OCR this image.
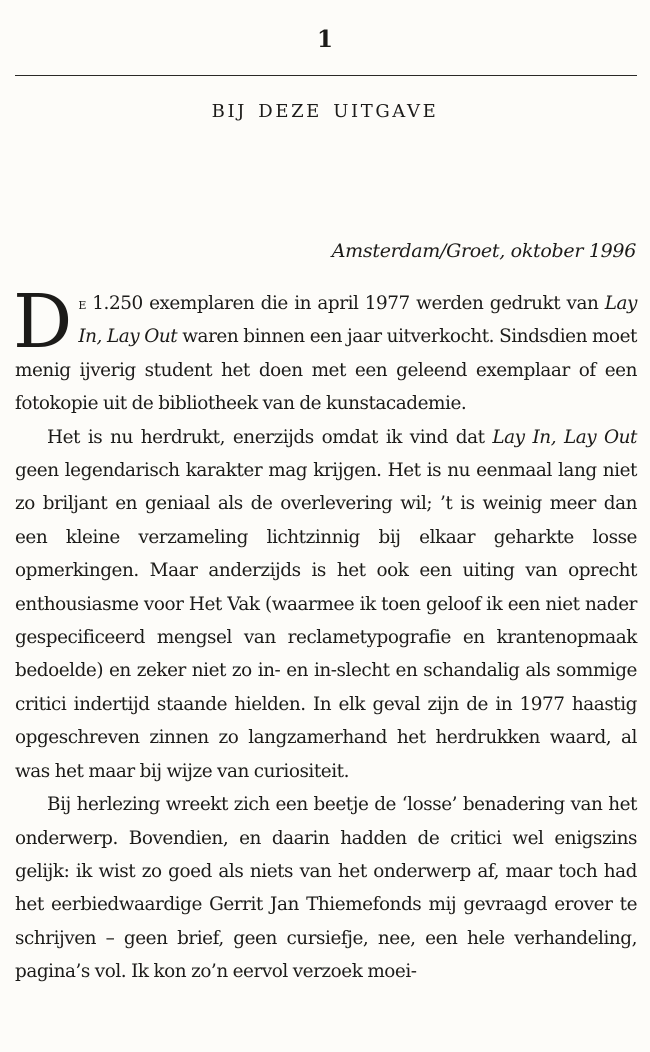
1
BIJ DEZE UITGAVE
Amsterdam/Groet, oktober 1996

De 1.250 exemplaren die in april 1977 werden gedrukt van Lay In, Lay Out waren binnen een jaar uitverkocht. Sindsdien moet menig ijverig student het doen met een geleend exemplaar of een fotokopie uit de bibliotheek van de kunstacademie.

Het is nu herdrukt, enerzijds omdat ik vind dat Lay In, Lay Out geen legendarisch karakter mag krijgen. Het is nu eenmaal lang niet zo briljant en geniaal als de overlevering wil; ’t is weinig meer dan een kleine verzameling lichtzinnig bij elkaar geharkte losse opmerkingen. Maar anderzijds is het ook een uiting van oprecht enthousiasme voor Het Vak (waarmee ik toen geloof ik een niet nader gespecificeerd mengsel van reclametypografie en krantenopmaak bedoelde) en zeker niet zo in- en in-slecht en schandalig als sommige critici indertijd staande hielden. In elk geval zijn de in 1977 haastig opgeschreven zinnen zo langzamerhand het herdrukken waard, al was het maar bij wijze van curiositeit.

Bij herlezing wreekt zich een beetje de ‘losse’ benadering van het onderwerp. Bovendien, en daarin hadden de critici wel enigszins gelijk: ik wist zo goed als niets van het onderwerp af, maar toch had het eerbiedwaardige Gerrit Jan Thiemefonds mij gevraagd erover te schrijven – geen brief, geen cursiefje, nee, een hele verhandeling, pagina’s vol. Ik kon zo’n eervol verzoek moei-
